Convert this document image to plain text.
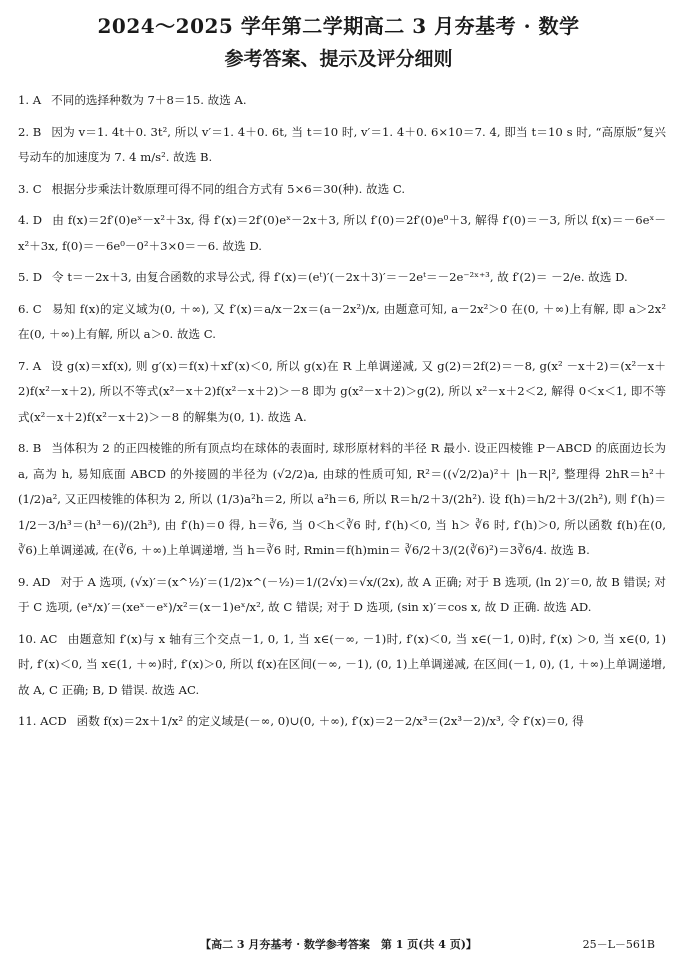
2024～2025 学年第二学期高二 3 月夯基考 · 数学
参考答案、提示及评分细则
1. A 不同的选择种数为 7＋8＝15. 故选 A.
2. B 因为 v＝1. 4t＋0. 3t², 所以 v′＝1. 4＋0. 6t, 当 t＝10 时, v′＝1. 4＋0. 6×10＝7. 4, 即当 t＝10 s 时, “高原版”复兴号动车的加速度为 7. 4 m/s². 故选 B.
3. C 根据分步乘法计数原理可得不同的组合方式有 5×6＝30(种). 故选 C.
4. D 由 f(x)＝2f′(0)eˣ－x²＋3x, 得 f′(x)＝2f′(0)eˣ－2x＋3, 所以 f′(0)＝2f′(0)e⁰＋3, 解得 f′(0)＝－3, 所以 f(x)＝－6eˣ－x²＋3x, f(0)＝－6e⁰－0²＋3×0＝－6. 故选 D.
5. D 令 t＝－2x＋3, 由复合函数的求导公式, 得 f′(x)＝(eᵗ)′(－2x＋3)′＝－2eᵗ＝－2e⁻²ˣ⁺³, 故 f′(2)＝ －2/e. 故选 D.
6. C 易知 f(x)的定义域为(0, ＋∞), 又 f′(x)＝a/x－2x＝(a－2x²)/x, 由题意可知, a－2x²＞0 在(0, ＋∞)上有解, 即 a＞2x² 在(0, ＋∞)上有解, 所以 a＞0. 故选 C.
7. A 设 g(x)＝xf(x), 则 g′(x)＝f(x)＋xf′(x)＜0, 所以 g(x)在 R 上单调递减, 又 g(2)＝2f(2)＝－8, g(x² －x＋2)＝(x²－x＋2)f(x²－x＋2), 所以不等式(x²－x＋2)f(x²－x＋2)＞－8 即为 g(x²－x＋2)＞g(2), 所以 x²－x＋2＜2, 解得 0＜x＜1, 即不等式(x²－x＋2)f(x²－x＋2)＞－8 的解集为(0, 1). 故选 A.
8. B 当体积为 2 的正四棱锥的所有顶点均在球体的表面时, 球形原材料的半径 R 最小. 设正四棱锥 P－ABCD 的底面边长为 a, 高为 h, 易知底面 ABCD 的外接圆的半径为 (√2/2)a, 由球的性质可知, R²＝((√2/2)a)²＋ |h－R|², 整理得 2hR＝h²＋(1/2)a², 又正四棱锥的体积为 2, 所以 (1/3)a²h＝2, 所以 a²h＝6, 所以 R＝h/2＋3/(2h²). 设 f(h)＝h/2＋3/(2h²), 则 f′(h)＝1/2－3/h³＝(h³－6)/(2h³), 由 f′(h)＝0 得, h＝∛6, 当 0＜h＜∛6 时, f′(h)＜0, 当 h＞ ∛6 时, f′(h)＞0, 所以函数 f(h)在(0, ∛6)上单调递减, 在(∛6, ＋∞)上单调递增, 当 h＝∛6 时, Rmin＝f(h)min＝ ∛6/2＋3/(2(∛6)²)＝3∛6/4. 故选 B.
9. AD 对于 A 选项, (√x)′＝(x^½)′＝(1/2)x^(－½)＝1/(2√x)＝√x/(2x), 故 A 正确; 对于 B 选项, (ln 2)′＝0, 故 B 错误; 对于 C 选项, (eˣ/x)′＝(xeˣ－eˣ)/x²＝(x－1)eˣ/x², 故 C 错误; 对于 D 选项, (sin x)′＝cos x, 故 D 正确. 故选 AD.
10. AC 由题意知 f′(x)与 x 轴有三个交点－1, 0, 1, 当 x∈(－∞, －1)时, f′(x)＜0, 当 x∈(－1, 0)时, f′(x) ＞0, 当 x∈(0, 1)时, f′(x)＜0, 当 x∈(1, ＋∞)时, f′(x)＞0, 所以 f(x)在区间(－∞, －1), (0, 1)上单调递减, 在区间(－1, 0), (1, ＋∞)上单调递增, 故 A, C 正确; B, D 错误. 故选 AC.
11. ACD 函数 f(x)＝2x＋1/x² 的定义域是(－∞, 0)∪(0, ＋∞), f′(x)＝2－2/x³＝(2x³－2)/x³, 令 f′(x)＝0, 得
【高二 3 月夯基考 · 数学参考答案　第 1 页(共 4 页)】	25－L－561B
